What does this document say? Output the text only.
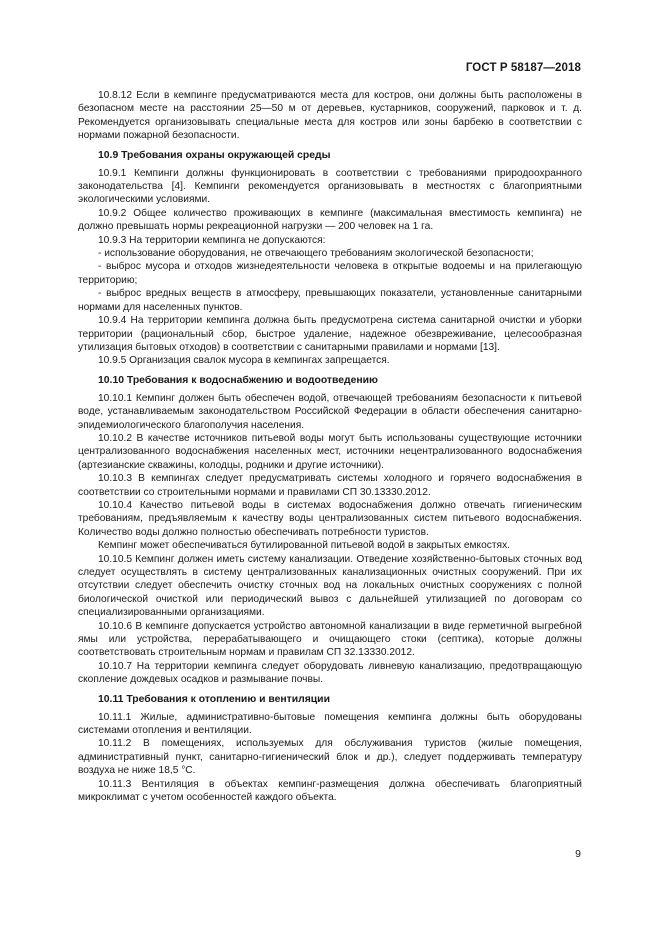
ГОСТ Р 58187—2018

10.8.12 Если в кемпинге предусматриваются места для костров, они должны быть расположены в безопасном месте на расстоянии 25—50 м от деревьев, кустарников, сооружений, парковок и т. д. Рекомендуется организовывать специальные места для костров или зоны барбекю в соответствии с нормами пожарной безопасности.

10.9 Требования охраны окружающей среды

10.9.1 Кемпинги должны функционировать в соответствии с требованиями природоохранного законодательства [4]. Кемпинги рекомендуется организовывать в местностях с благоприятными экологическими условиями.

10.9.2 Общее количество проживающих в кемпинге (максимальная вместимость кемпинга) не должно превышать нормы рекреационной нагрузки — 200 человек на 1 га.

10.9.3 На территории кемпинга не допускаются:

- использование оборудования, не отвечающего требованиям экологической безопасности;

- выброс мусора и отходов жизнедеятельности человека в открытые водоемы и на прилегающую территорию;

- выброс вредных веществ в атмосферу, превышающих показатели, установленные санитарными нормами для населенных пунктов.

10.9.4 На территории кемпинга должна быть предусмотрена система санитарной очистки и уборки территории (рациональный сбор, быстрое удаление, надежное обезвреживание, целесообразная утилизация бытовых отходов) в соответствии с санитарными правилами и нормами [13].

10.9.5 Организация свалок мусора в кемпингах запрещается.

10.10 Требования к водоснабжению и водоотведению

10.10.1 Кемпинг должен быть обеспечен водой, отвечающей требованиям безопасности к питьевой воде, устанавливаемым законодательством Российской Федерации в области обеспечения санитарно-эпидемиологического благополучия населения.

10.10.2 В качестве источников питьевой воды могут быть использованы существующие источники централизованного водоснабжения населенных мест, источники нецентрализованного водоснабжения (артезианские скважины, колодцы, родники и другие источники).

10.10.3 В кемпингах следует предусматривать системы холодного и горячего водоснабжения в соответствии со строительными нормами и правилами СП 30.13330.2012.

10.10.4 Качество питьевой воды в системах водоснабжения должно отвечать гигиеническим требованиям, предъявляемым к качеству воды централизованных систем питьевого водоснабжения. Количество воды должно полностью обеспечивать потребности туристов.

Кемпинг может обеспечиваться бутилированной питьевой водой в закрытых емкостях.

10.10.5 Кемпинг должен иметь систему канализации. Отведение хозяйственно-бытовых сточных вод следует осуществлять в систему централизованных канализационных очистных сооружений. При их отсутствии следует обеспечить очистку сточных вод на локальных очистных сооружениях с полной биологической очисткой или периодический вывоз с дальнейшей утилизацией по договорам со специализированными организациями.

10.10.6 В кемпинге допускается устройство автономной канализации в виде герметичной выгребной ямы или устройства, перерабатывающего и очищающего стоки (септика), которые должны соответствовать строительным нормам и правилам СП 32.13330.2012.

10.10.7 На территории кемпинга следует оборудовать ливневую канализацию, предотвращающую скопление дождевых осадков и размывание почвы.

10.11 Требования к отоплению и вентиляции

10.11.1 Жилые, административно-бытовые помещения кемпинга должны быть оборудованы системами отопления и вентиляции.

10.11.2 В помещениях, используемых для обслуживания туристов (жилые помещения, административный пункт, санитарно-гигиенический блок и др.), следует поддерживать температуру воздуха не ниже 18,5 °С.

10.11.3 Вентиляция в объектах кемпинг-размещения должна обеспечивать благоприятный микроклимат с учетом особенностей каждого объекта.

9
